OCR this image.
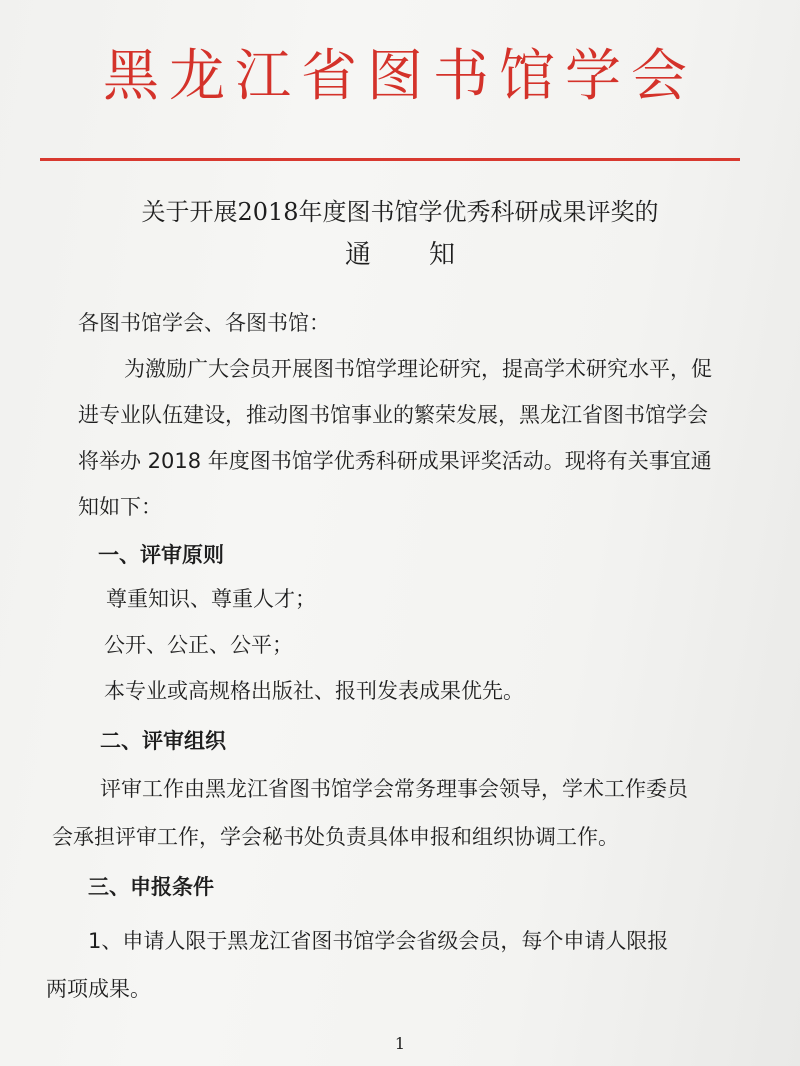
黑龙江省图书馆学会
关于开展2018年度图书馆学优秀科研成果评奖的
通知
各图书馆学会、各图书馆：
为激励广大会员开展图书馆学理论研究，提高学术研究水平，促
进专业队伍建设，推动图书馆事业的繁荣发展，黑龙江省图书馆学会
将举办 2018 年度图书馆学优秀科研成果评奖活动。现将有关事宜通
知如下：
一、评审原则
尊重知识、尊重人才；
公开、公正、公平；
本专业或高规格出版社、报刊发表成果优先。
二、评审组织
评审工作由黑龙江省图书馆学会常务理事会领导，学术工作委员
会承担评审工作，学会秘书处负责具体申报和组织协调工作。
三、申报条件
1、申请人限于黑龙江省图书馆学会省级会员，每个申请人限报
两项成果。
1
